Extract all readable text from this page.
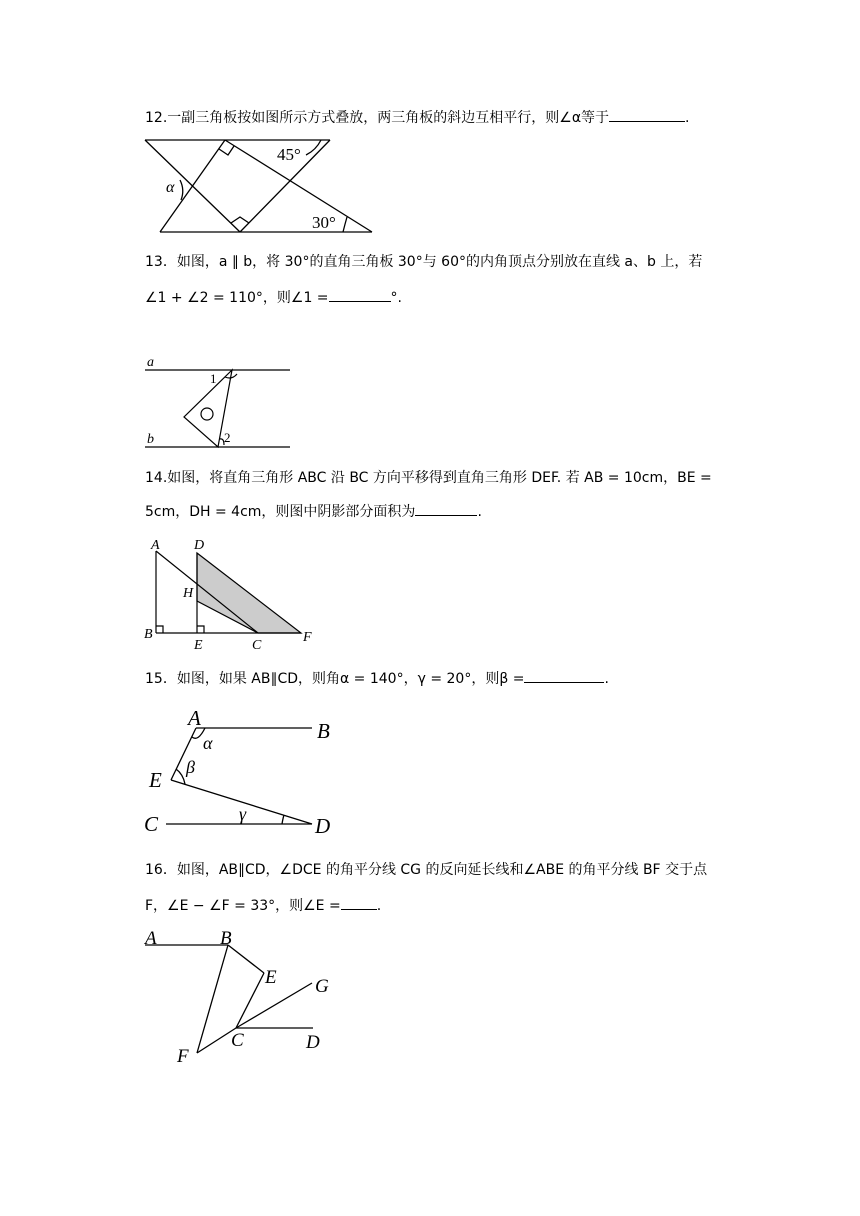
12.一副三角板按如图所示方式叠放，两三角板的斜边互相平行，则∠α等于	.
45°
30°
α
13．如图，a ∥ b，将 30°的直角三角板 30°与 60°的内角顶点分别放在直线 a、b 上，若
∠1 + ∠2 = 110°，则∠1 =	°.
a
b
1
2
14.如图，将直角三角形 ABC 沿 BC 方向平移得到直角三角形 DEF. 若 AB = 10cm，BE =
5cm，DH = 4cm，则图中阴影部分面积为	.
A D
H
B
E	C
F
15．如图，如果 AB∥CD，则角α = 140°，γ = 20°，则β =	.
A
B
E
C	D
α
β
γ
16．如图，AB∥CD，∠DCE 的角平分线 CG 的反向延长线和∠ABE 的角平分线 BF 交于点
F，∠E − ∠F = 33°，则∠E =	.
A	B
E G
C	D
F
